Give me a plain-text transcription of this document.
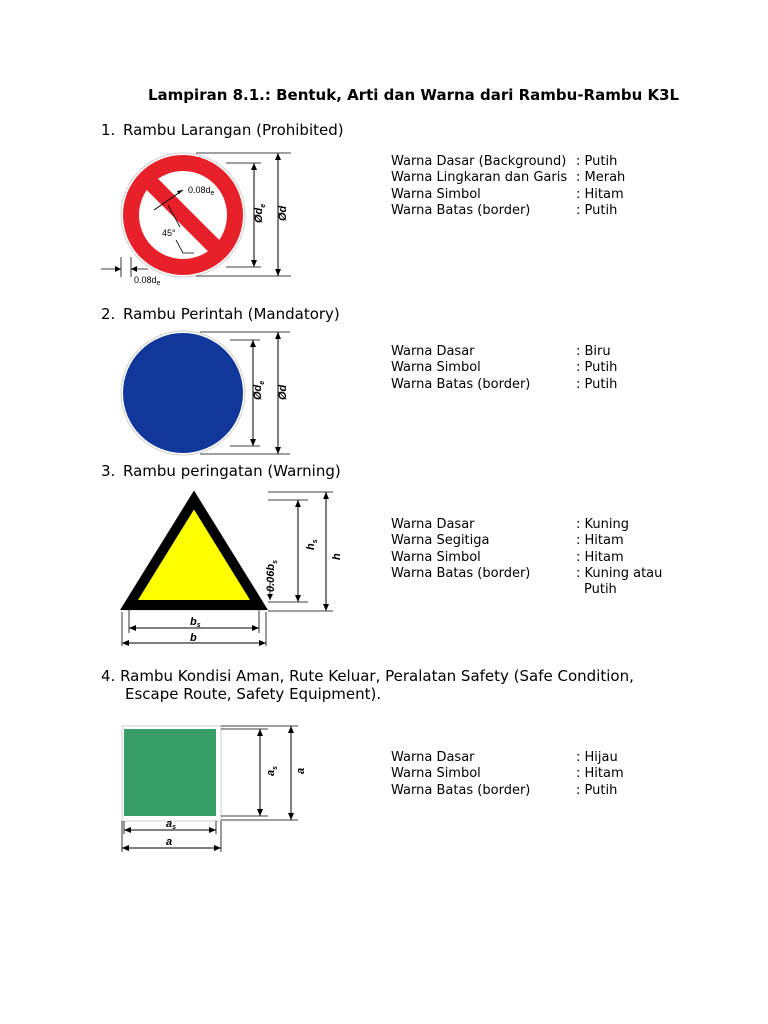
Lampiran 8.1.: Bentuk, Arti dan Warna dari Rambu-Rambu K3L
1. Rambu Larangan (Prohibited)
$0.08d_e$
45°
$Ød_e$ Ød
$0.08d_e$
Warna Dasar (Background) : Putih
Warna Lingkaran dan Garis : Merah
Warna Simbol	: Hitam
Warna Batas (border)	: Putih
2. Rambu Perintah (Mandatory)
$Ød_e$
Ød
Warna Dasar	: Biru
Warna Simbol	: Putih
Warna Batas (border)	: Putih
3. Rambu peringatan (Warning)
$h_s$
h
$0.06b_s$
bs
b
Warna Dasar	: Kuning
Warna Segitiga	: Hitam
Warna Simbol	: Hitam
Warna Batas (border)	: Kuning atau
Putih
4. Rambu Kondisi Aman, Rute Keluar, Peralatan Safety (Safe Condition,
Escape Route, Safety Equipment).
$a_s$ a
as
a
Warna Dasar	: Hijau
Warna Simbol	: Hitam
Warna Batas (border)	: Putih
